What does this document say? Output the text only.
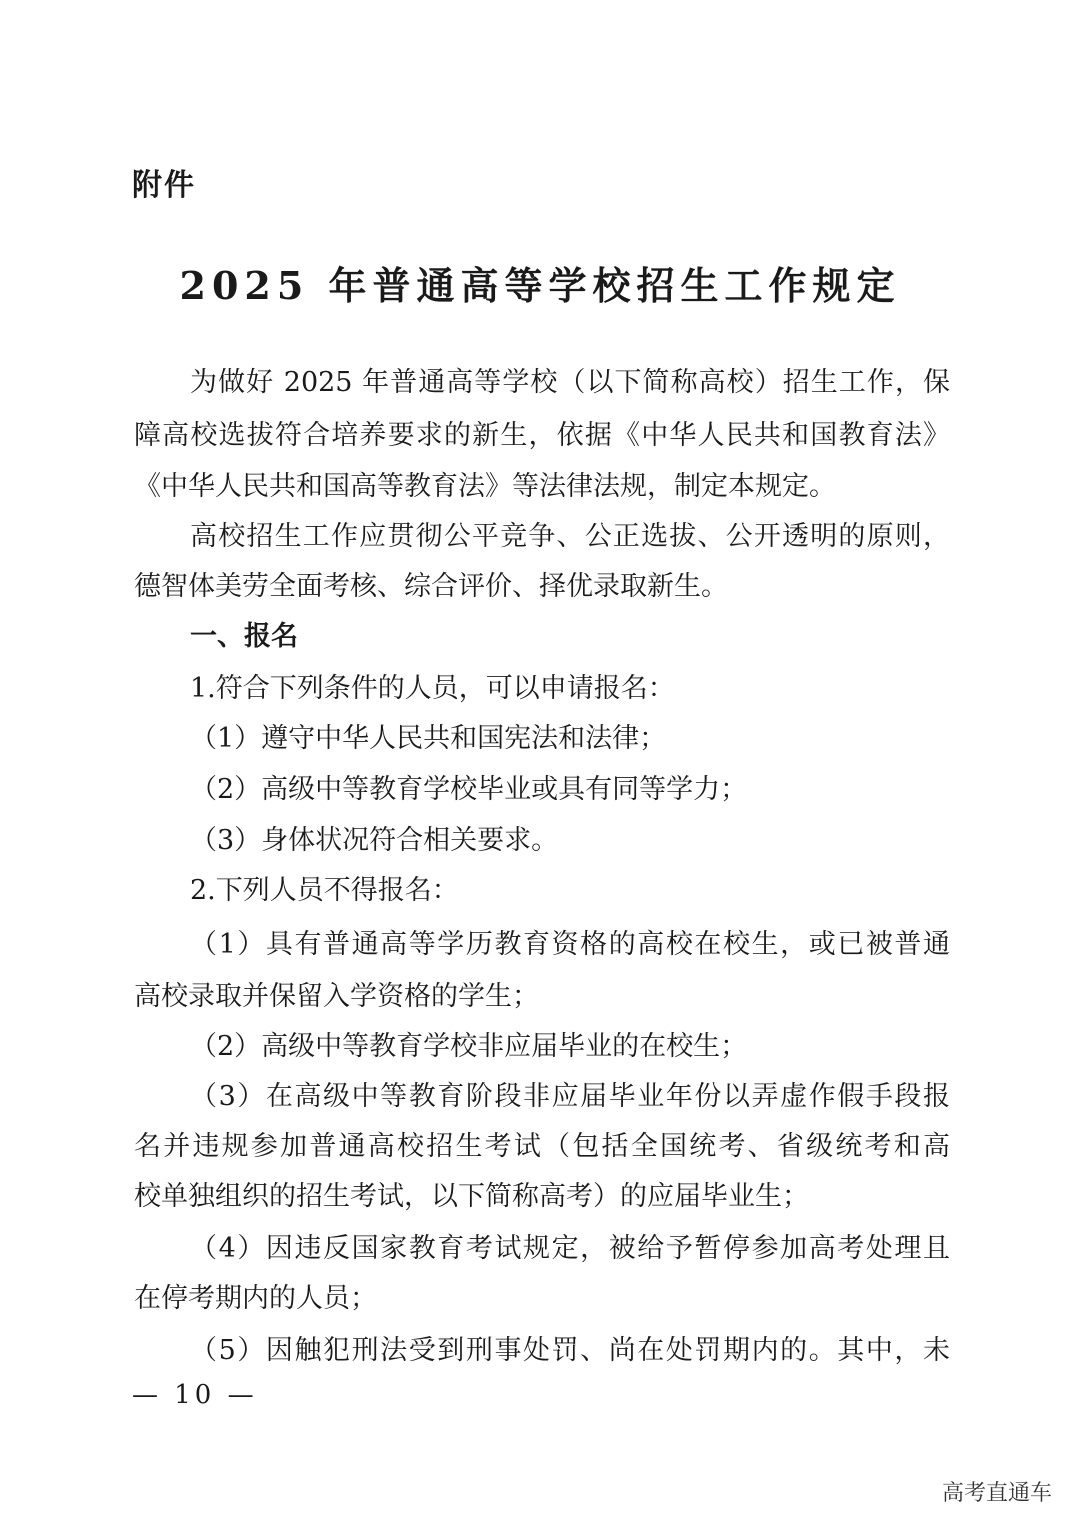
附件
2025 年普通高等学校招生工作规定
为做好 2025 年普通高等学校（以下简称高校）招生工作，保
障高校选拔符合培养要求的新生，依据《中华人民共和国教育法》
《中华人民共和国高等教育法》等法律法规，制定本规定。
高校招生工作应贯彻公平竞争、公正选拔、公开透明的原则，
德智体美劳全面考核、综合评价、择优录取新生。
一、报名
1.符合下列条件的人员，可以申请报名：
（1）遵守中华人民共和国宪法和法律；
（2）高级中等教育学校毕业或具有同等学力；
（3）身体状况符合相关要求。
2.下列人员不得报名：
（1）具有普通高等学历教育资格的高校在校生，或已被普通
高校录取并保留入学资格的学生；
（2）高级中等教育学校非应届毕业的在校生；
（3）在高级中等教育阶段非应届毕业年份以弄虚作假手段报
名并违规参加普通高校招生考试（包括全国统考、省级统考和高
校单独组织的招生考试，以下简称高考）的应届毕业生；
（4）因违反国家教育考试规定，被给予暂停参加高考处理且
在停考期内的人员；
（5）因触犯刑法受到刑事处罚、尚在处罚期内的。其中，未
— 10 —
高考直通车
